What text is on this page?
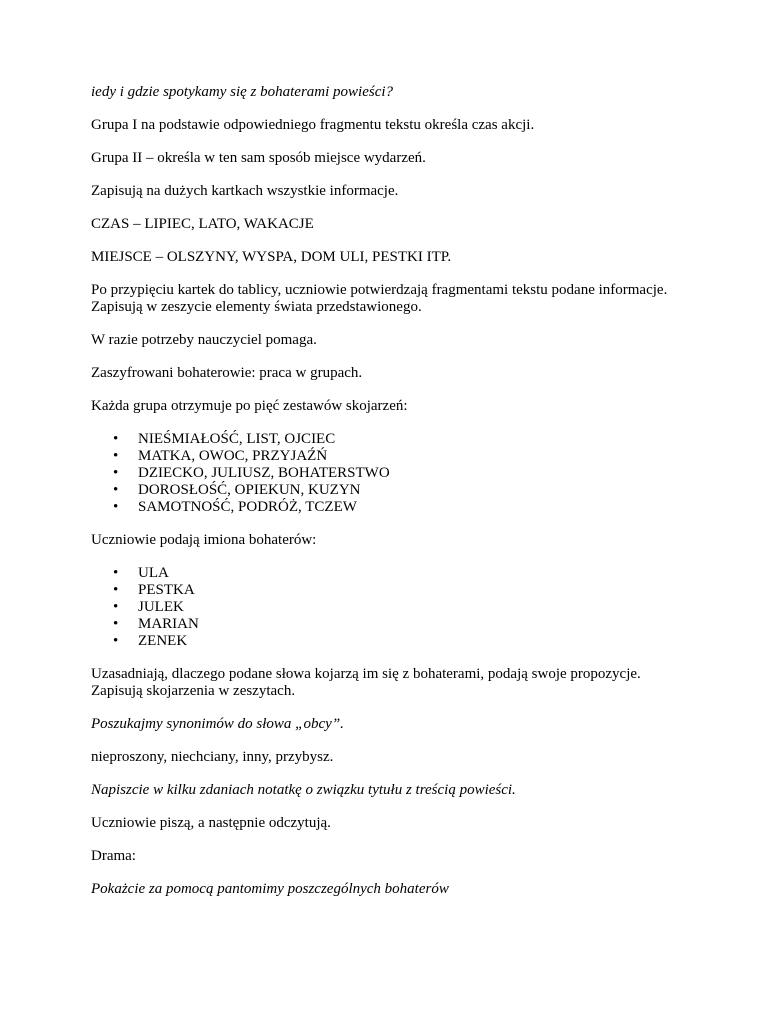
iedy i gdzie spotykamy się z bohaterami powieści?

Grupa I na podstawie odpowiedniego fragmentu tekstu określa czas akcji.

Grupa II – określa w ten sam sposób miejsce wydarzeń.

Zapisują na dużych kartkach wszystkie informacje.

CZAS – LIPIEC, LATO, WAKACJE

MIEJSCE – OLSZYNY, WYSPA, DOM ULI, PESTKI ITP.

Po przypięciu kartek do tablicy, uczniowie potwierdzają fragmentami tekstu podane informacje. Zapisują w zeszycie elementy świata przedstawionego.

W razie potrzeby nauczyciel pomaga.

Zaszyfrowani bohaterowie: praca w grupach.

Każda grupa otrzymuje po pięć zestawów skojarzeń:

• NIEŚMIAŁOŚĆ, LIST, OJCIEC
• MATKA, OWOC, PRZYJAŹŃ
• DZIECKO, JULIUSZ, BOHATERSTWO
• DOROSŁOŚĆ, OPIEKUN, KUZYN
• SAMOTNOŚĆ, PODRÓŻ, TCZEW

Uczniowie podają imiona bohaterów:

• ULA
• PESTKA
• JULEK
• MARIAN
• ZENEK

Uzasadniają, dlaczego podane słowa kojarzą im się z bohaterami, podają swoje propozycje. Zapisują skojarzenia w zeszytach.

Poszukajmy synonimów do słowa „obcy”.

nieproszony, niechciany, inny, przybysz.

Napiszcie w kilku zdaniach notatkę o związku tytułu z treścią powieści.

Uczniowie piszą, a następnie odczytują.

Drama:

Pokażcie za pomocą pantomimy poszczególnych bohaterów
